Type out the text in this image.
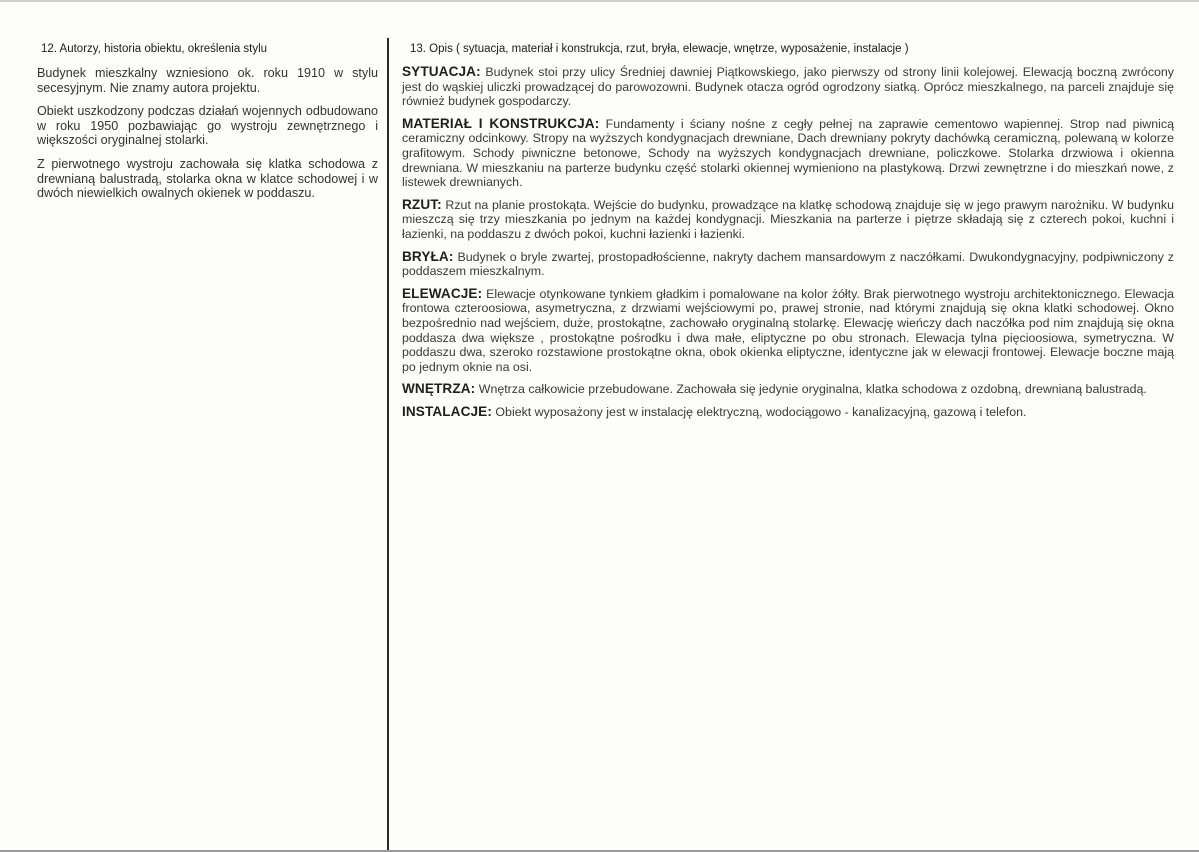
12. Autorzy, historia obiektu, określenia stylu

Budynek mieszkalny wzniesiono ok. roku 1910 w stylu secesyjnym. Nie znamy autora projektu.

Obiekt uszkodzony podczas działań wojennych odbudowano w roku 1950 pozbawiając go wystroju zewnętrznego i większości oryginalnej stolarki.

Z pierwotnego wystroju zachowała się klatka schodowa z drewnianą balustradą, stolarka okna w klatce schodowej i w dwóch niewielkich owalnych okienek w poddaszu.

13. Opis ( sytuacja, materiał i konstrukcja, rzut, bryła, elewacje, wnętrze, wyposażenie, instalacje )

SYTUACJA: Budynek stoi przy ulicy Średniej dawniej Piątkowskiego, jako pierwszy od strony linii kolejowej. Elewacją boczną zwrócony jest do wąskiej uliczki prowadzącej do parowozowni. Budynek otacza ogród ogrodzony siatką. Oprócz mieszkalnego, na parceli znajduje się również budynek gospodarczy.

MATERIAŁ I KONSTRUKCJA: Fundamenty i ściany nośne z cegły pełnej na zaprawie cementowo wapiennej. Strop nad piwnicą ceramiczny odcinkowy. Stropy na wyższych kondygnacjach drewniane, Dach drewniany pokryty dachówką ceramiczną, polewaną w kolorze grafitowym. Schody piwniczne betonowe, Schody na wyższych kondygnacjach drewniane, policzkowe. Stolarka drzwiowa i okienna drewniana. W mieszkaniu na parterze budynku część stolarki okiennej wymieniono na plastykową. Drzwi zewnętrzne i do mieszkań nowe, z listewek drewnianych.

RZUT: Rzut na planie prostokąta. Wejście do budynku, prowadzące na klatkę schodową znajduje się w jego prawym narożniku. W budynku mieszczą się trzy mieszkania po jednym na każdej kondygnacji. Mieszkania na parterze i piętrze składają się z czterech pokoi, kuchni i łazienki, na poddaszu z dwóch pokoi, kuchni łazienki i łazienki.

BRYŁA: Budynek o bryle zwartej, prostopadłościenne, nakryty dachem mansardowym z naczółkami. Dwukondygnacyjny, podpiwniczony z poddaszem mieszkalnym.

ELEWACJE: Elewacje otynkowane tynkiem gładkim i pomalowane na kolor żółty. Brak pierwotnego wystroju architektonicznego. Elewacja frontowa czteroosiowa, asymetryczna, z drzwiami wejściowymi po, prawej stronie, nad którymi znajdują się okna klatki schodowej. Okno bezpośrednio nad wejściem, duże, prostokątne, zachowało oryginalną stolarkę. Elewację wieńczy dach naczółka pod nim znajdują się okna poddasza dwa większe , prostokątne pośrodku i dwa małe, eliptyczne po obu stronach. Elewacja tylna pięcioosiowa, symetryczna. W poddaszu dwa, szeroko rozstawione prostokątne okna, obok okienka eliptyczne, identyczne jak w elewacji frontowej. Elewacje boczne mają po jednym oknie na osi.

WNĘTRZA: Wnętrza całkowicie przebudowane. Zachowała się jedynie oryginalna, klatka schodowa z ozdobną, drewnianą balustradą.

INSTALACJE: Obiekt wyposażony jest w instalację elektryczną, wodociągowo - kanalizacyjną, gazową i telefon.
